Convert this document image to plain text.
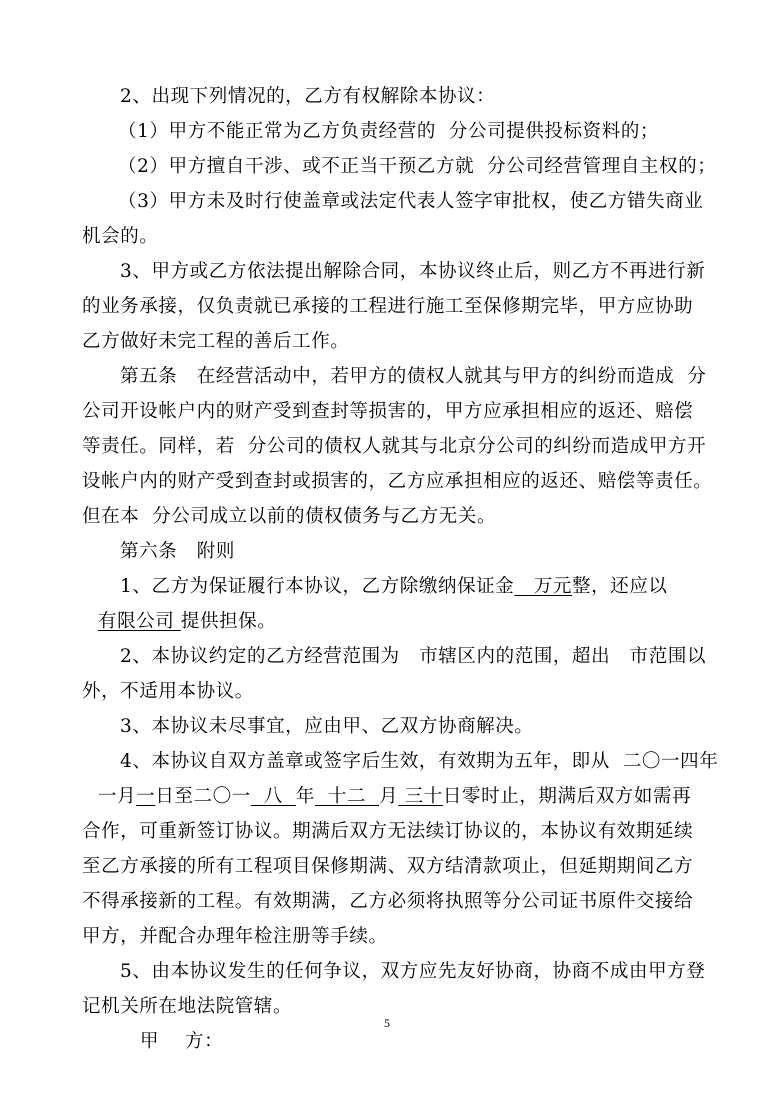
2、出现下列情况的，乙方有权解除本协议：
（1）甲方不能正常为乙方负责经营的  分公司提供投标资料的；
（2）甲方擅自干涉、或不正当干预乙方就  分公司经营管理自主权的；
（3）甲方未及时行使盖章或法定代表人签字审批权，使乙方错失商业
机会的。
3、甲方或乙方依法提出解除合同，本协议终止后，则乙方不再进行新
的业务承接，仅负责就已承接的工程进行施工至保修期完毕，甲方应协助
乙方做好未完工程的善后工作。
第五条   在经营活动中，若甲方的债权人就其与甲方的纠纷而造成  分
公司开设帐户内的财产受到查封等损害的，甲方应承担相应的返还、赔偿
等责任。同样，若  分公司的债权人就其与北京分公司的纠纷而造成甲方开
设帐户内的财产受到查封或损害的，乙方应承担相应的返还、赔偿等责任。
但在本  分公司成立以前的债权债务与乙方无关。
第六条   附则
1、乙方为保证履行本协议，乙方除缴纳保证金   万元整，还应以
有限公司 提供担保。
2、本协议约定的乙方经营范围为   市辖区内的范围，超出   市范围以
外，不适用本协议。
3、本协议未尽事宜，应由甲、乙双方协商解决。
4、本协议自双方盖章或签字后生效，有效期为五年，即从  二〇一四年
一月一日至二〇一  八  年  十二  月 三十日零时止，期满后双方如需再
合作，可重新签订协议。期满后双方无法续订协议的，本协议有效期延续
至乙方承接的所有工程项目保修期满、双方结清款项止，但延期期间乙方
不得承接新的工程。有效期满，乙方必须将执照等分公司证书原件交接给
甲方，并配合办理年检注册等手续。
5、由本协议发生的任何争议，双方应先友好协商，协商不成由甲方登
记机关所在地法院管辖。
甲    方：
5
